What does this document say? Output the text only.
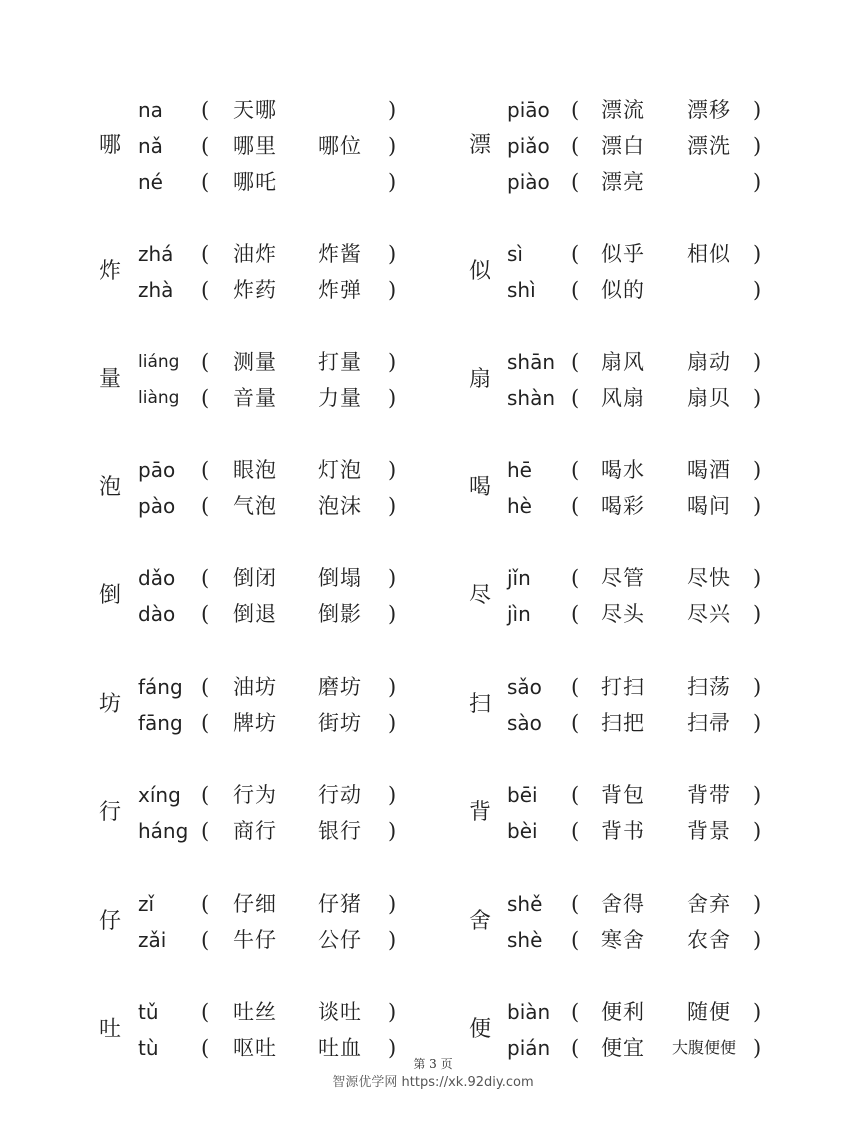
哪
na ( 天哪	)
nǎ ( 哪里 哪位 )
né ( 哪吒	)
炸
zhá ( 油炸 炸酱 )
zhà ( 炸药 炸弹 )
量
liáng ( 测量 打量 )
liàng ( 音量 力量 )
泡
pāo ( 眼泡 灯泡 )
pào ( 气泡 泡沫 )
倒
dǎo ( 倒闭 倒塌 )
dào ( 倒退 倒影 )
坊
fáng ( 油坊 磨坊 )
fāng ( 牌坊 街坊 )
行
xíng ( 行为 行动 )
háng ( 商行 银行 )
仔
zǐ ( 仔细 仔猪 )
zǎi ( 牛仔 公仔 )
吐
tǔ ( 吐丝 谈吐 )
tù ( 呕吐 吐血 )
漂
piāo ( 漂流 漂移 )
piǎo ( 漂白 漂洗 )
piào ( 漂亮	)
似
sì ( 似乎 相似 )
shì ( 似的	)
扇
shān ( 扇风 扇动 )
shàn ( 风扇 扇贝 )
喝
hē ( 喝水 喝酒 )
hè ( 喝彩 喝问 )
尽
jǐn ( 尽管 尽快 )
jìn ( 尽头 尽兴 )
扫
sǎo ( 打扫 扫荡 )
sào ( 扫把 扫帚 )
背
bēi ( 背包 背带 )
bèi ( 背书 背景 )
舍
shě ( 舍得 舍弃 )
shè ( 寒舍 农舍 )
便
biàn ( 便利 随便 )
pián ( 便宜 大腹便便 )
第 3 页
智源优学网 https://xk.92diy.com
